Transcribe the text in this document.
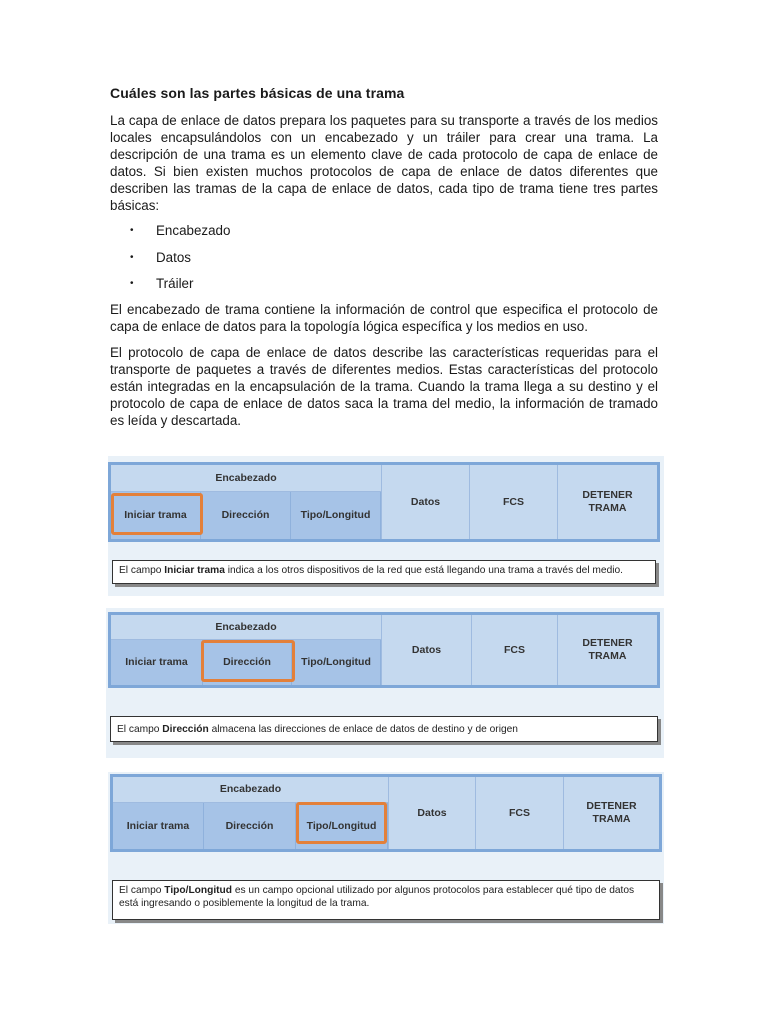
Cuáles son las partes básicas de una trama

La capa de enlace de datos prepara los paquetes para su transporte a través de los medios locales encapsulándolos con un encabezado y un tráiler para crear una trama. La descripción de una trama es un elemento clave de cada protocolo de capa de enlace de datos. Si bien existen muchos protocolos de capa de enlace de datos diferentes que describen las tramas de la capa de enlace de datos, cada tipo de trama tiene tres partes básicas:

•	Encabezado
•	Datos
•	Tráiler

El encabezado de trama contiene la información de control que especifica el protocolo de capa de enlace de datos para la topología lógica específica y los medios en uso.

El protocolo de capa de enlace de datos describe las características requeridas para el transporte de paquetes a través de diferentes medios. Estas características del protocolo están integradas en la encapsulación de la trama. Cuando la trama llega a su destino y el protocolo de capa de enlace de datos saca la trama del medio, la información de tramado es leída y descartada.

Encabezado
Iniciar trama	Dirección	Tipo/Longitud
Datos	FCS
DETENER
TRAMA
El campo Iniciar trama indica a los otros dispositivos de la red que está llegando una trama a través del medio.
Encabezado
Iniciar trama	Dirección	Tipo/Longitud
Datos	FCS
DETENER
TRAMA
El campo Dirección almacena las direcciones de enlace de datos de destino y de origen
Encabezado
Iniciar trama	Dirección	Tipo/Longitud
Datos	FCS
DETENER
TRAMA
El campo Tipo/Longitud es un campo opcional utilizado por algunos protocolos para establecer qué tipo de datos está ingresando o posiblemente la longitud de la trama.
